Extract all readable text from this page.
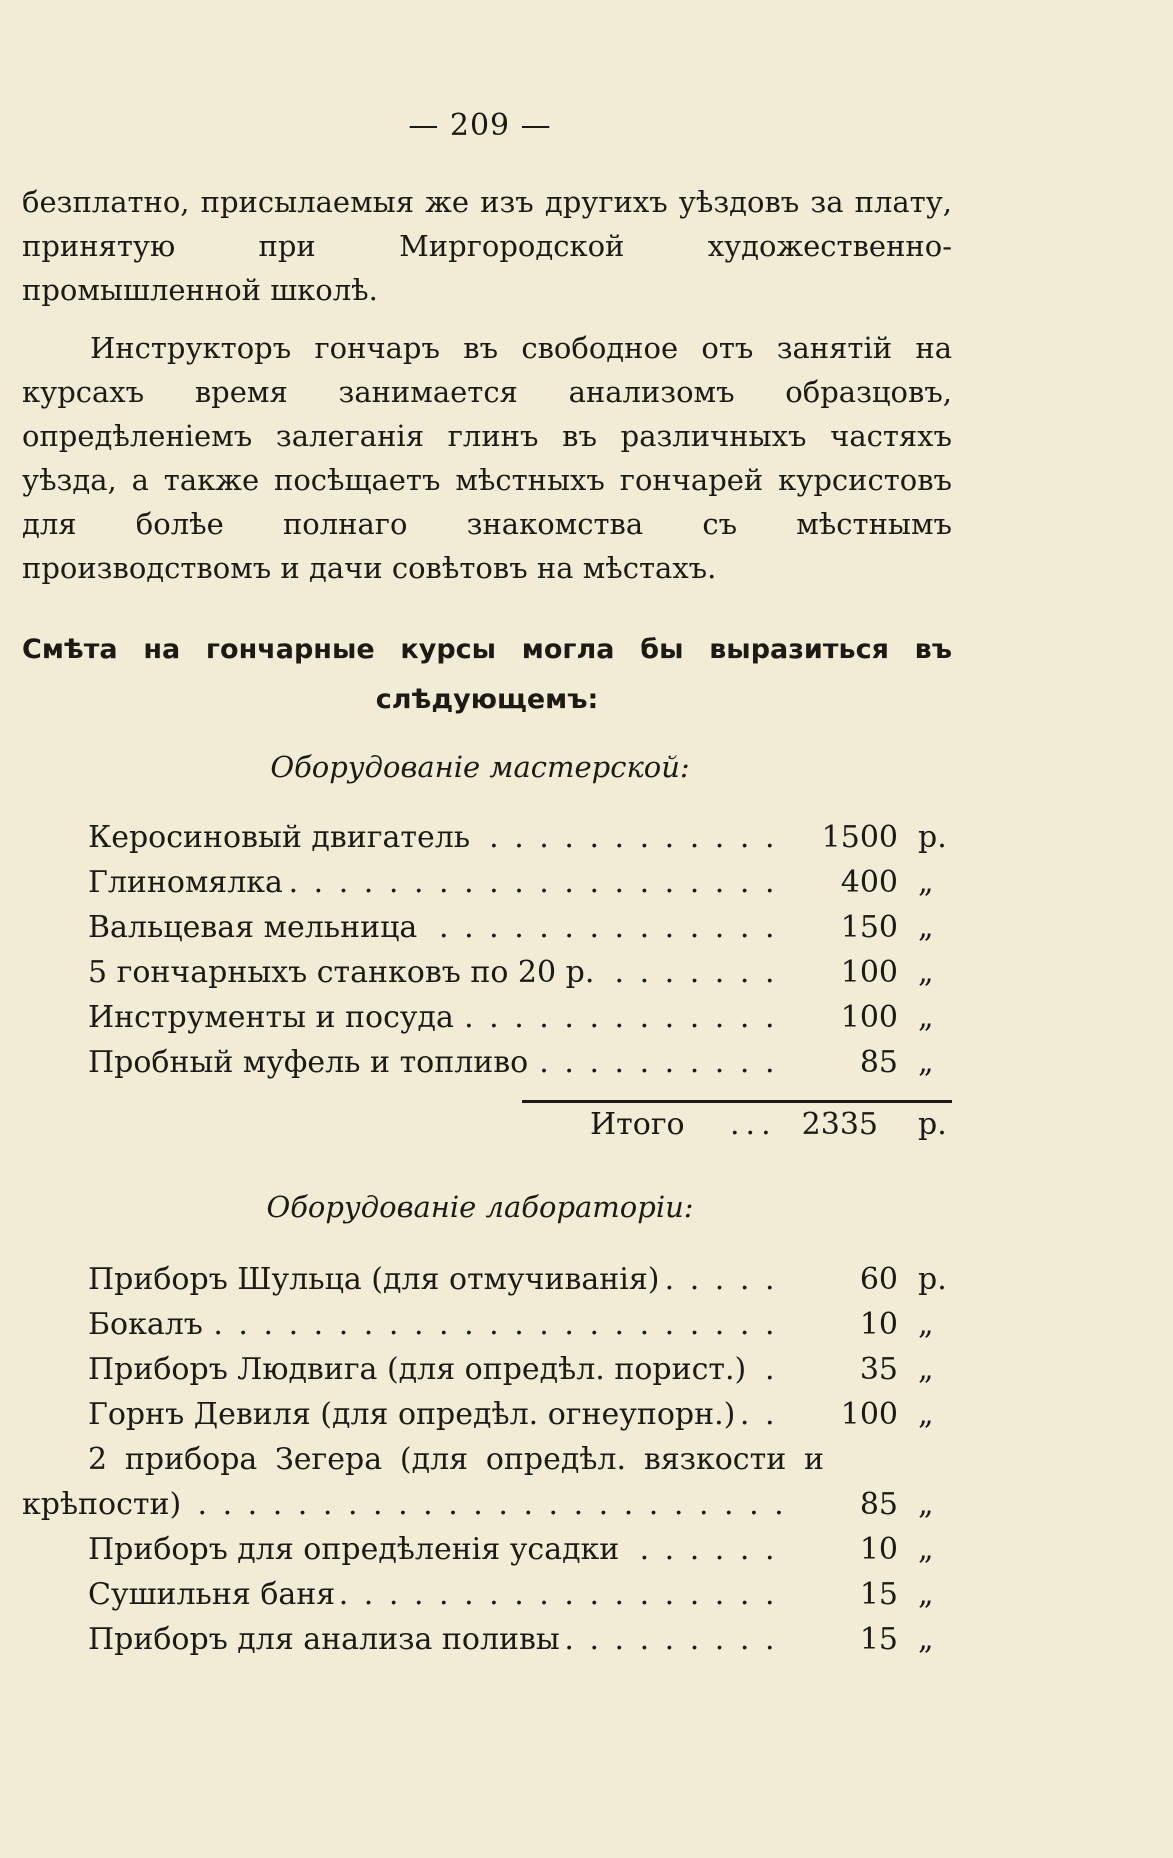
— 209 —

безплатно, присылаемыя же изъ другихъ уѣздовъ за плату, принятую при Миргородской художественно-промышленной школѣ.

Инструкторъ гончаръ въ свободное отъ занятій на курсахъ время занимается анализомъ образцовъ, опредѣленіемъ залеганія глинъ въ различныхъ частяхъ уѣзда, а также посѣщаетъ мѣстныхъ гончарей курсистовъ для болѣе полнаго знакомства съ мѣстнымъ производствомъ и дачи совѣтовъ на мѣстахъ.

Смѣта на гончарные курсы могла бы выразиться въ
слѣдующемъ:
Оборудованіе мастерской:
Керосиновый двигатель . . .	1500 р.
Глиномялка . . .	400 „
Вальцевая мельница . . .	150 „
5 гончарныхъ станковъ по 20 р. . . .	100 „
Инструменты и посуда . . .	100 „
Пробный муфель и топливо . . .	85 „
Итого ... 2335 р.
Оборудованіе лабораторіи:
Приборъ Шульца (для отмучиванія) . . .	60 р.
Бокалъ . . .	10 „
Приборъ Людвига (для опредѣл. порист.) . . .	35 „
Горнъ Девиля (для опредѣл. огнеупорн.) . . .	100 „
2 прибора Зегера (для опредѣл. вязкости и
крѣпости) . . .	85 „
Приборъ для опредѣленія усадки . . .	10 „
Сушильня баня . . .	15 „
Приборъ для анализа поливы . . .	15 „
